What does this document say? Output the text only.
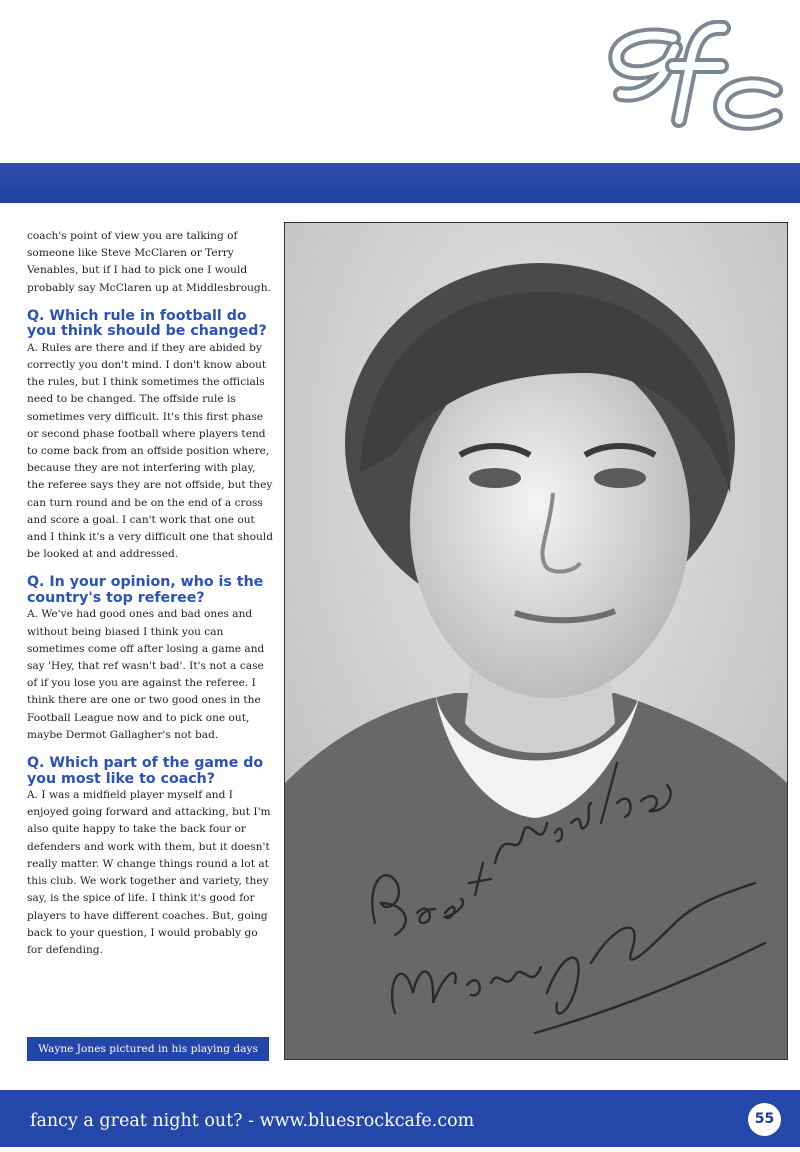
coach's point of view you are talking of someone like Steve McClaren or Terry Venables, but if I had to pick one I would probably say McClaren up at Middlesbrough.

Q. Which rule in football do you think should be changed?

A. Rules are there and if they are abided by correctly you don't mind. I don't know about the rules, but I think sometimes the officials need to be changed. The offside rule is sometimes very difficult. It's this first phase or second phase football where players tend to come back from an offside position where, because they are not interfering with play, the referee says they are not offside, but they can turn round and be on the end of a cross and score a goal. I can't work that one out and I think it's a very difficult one that should be looked at and addressed.

Q. In your opinion, who is the country's top referee?

A. We've had good ones and bad ones and without being biased I think you can sometimes come off after losing a game and say 'Hey, that ref wasn't bad'. It's not a case of if you lose you are against the referee. I think there are one or two good ones in the Football League now and to pick one out, maybe Dermot Gallagher's not bad.

Q. Which part of the game do you most like to coach?

A. I was a midfield player myself and I enjoyed going forward and attacking, but I'm also quite happy to take the back four or defenders and work with them, but it doesn't really matter. W change things round a lot at this club. We work together and variety, they say, is the spice of life. I think it's good for players to have different coaches. But, going back to your question, I would probably go for defending.

Wayne Jones pictured in his playing days
fancy a great night out? - www.bluesrockcafe.com	55
